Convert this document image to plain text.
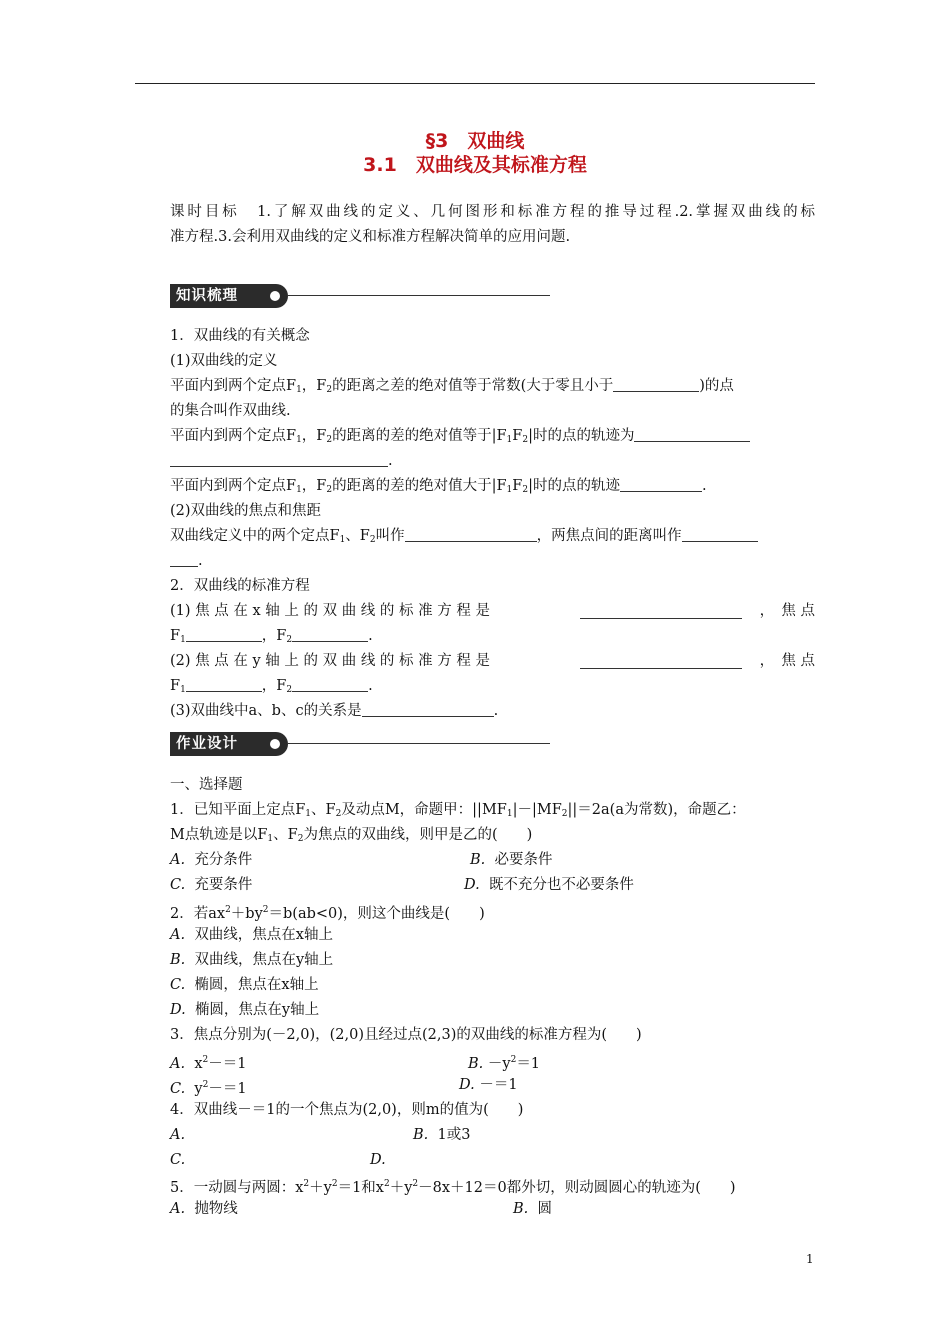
§3　双曲线
3.1　双曲线及其标准方程
课时目标　1.了解双曲线的定义、几何图形和标准方程的推导过程.2.掌握双曲线的标
准方程.3.会利用双曲线的定义和标准方程解决简单的应用问题.
知识梳理
1．双曲线的有关概念
(1)双曲线的定义
平面内到两个定点$F_1$，$F_2$的距离之差的绝对值等于常数(大于零且小于	)的点
的集合叫作双曲线.
平面内到两个定点$F_1$，$F_2$的距离的差的绝对值等于$|F_1F_2|$时的点的轨迹为
.
平面内到两个定点$F_1$，$F_2$的距离的差的绝对值大于$|F_1F_2|$时的点的轨迹	.
(2)双曲线的焦点和焦距
双曲线定义中的两个定点$F_1$、$F_2$叫作	，两焦点间的距离叫作
.
2．双曲线的标准方程
(1) 焦 点 在 x 轴 上 的 双 曲 线 的 标 准 方 程 是	，　焦 点
$F_1$	，$F_2$	.
(2) 焦 点 在 y 轴 上 的 双 曲 线 的 标 准 方 程 是	，　焦 点
$F_1$	，$F_2$	.
(3)双曲线中a、b、c的关系是	.
作业设计
一、选择题
1．已知平面上定点$F_1$、$F_2$及动点M，命题甲：$||MF_1|-|MF_2||=2a(a$为常数)，命题乙：
M点轨迹是以$F_1$、$F_2$为焦点的双曲线，则甲是乙的(　　)
A. 充分条件	B. 必要条件
C. 充要条件	D. 既不充分也不必要条件
2．若$ax^2+by^2=b(ab<0)$，则这个曲线是(　　)
A. 双曲线，焦点在x轴上
B. 双曲线，焦点在y轴上
C. 椭圆，焦点在x轴上
D. 椭圆，焦点在y轴上
3．焦点分别为(－2,0)，(2,0)且经过点(2,3)的双曲线的标准方程为(　　)
A. $x^2-=1$	B. $-y^2=1$
C. $y^2-=1$	D. －＝1
4．双曲线－＝1的一个焦点为(2,0)，则m的值为(　　)
A.	B. 1或3
C.	D.
5．一动圆与两圆：$x^2+y^2=1$和$x^2+y^2-8x+12=0$都外切，则动圆圆心的轨迹为(　　)
A. 抛物线	B. 圆
1
